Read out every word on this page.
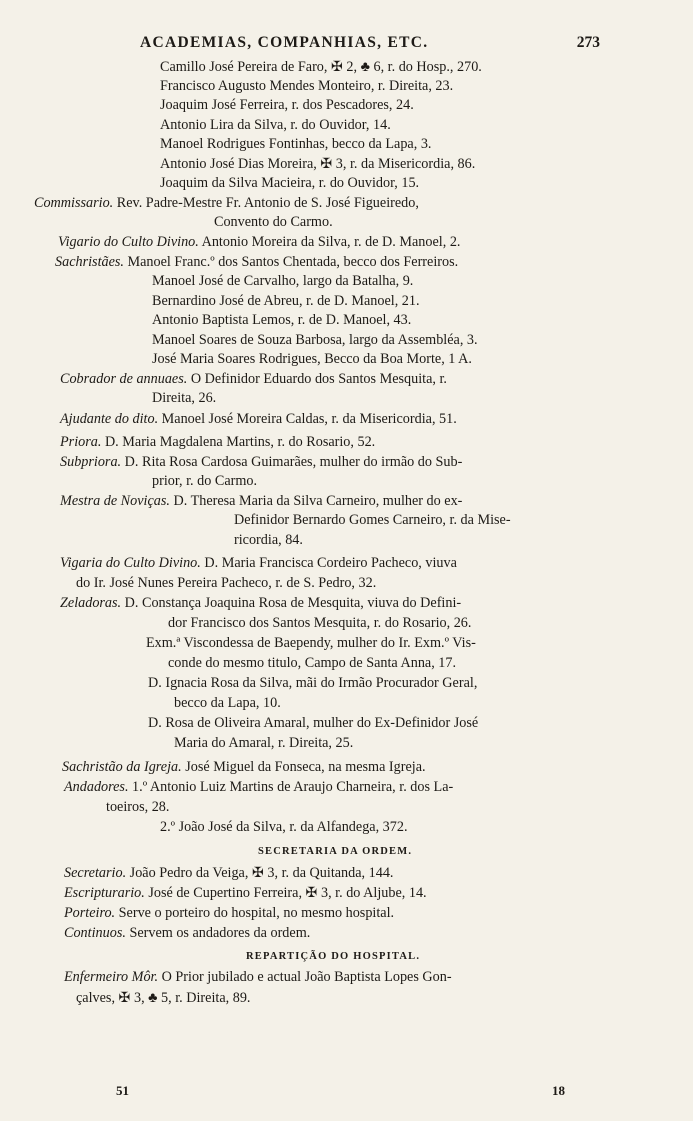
ACADEMIAS, COMPANHIAS, ETC.	273
Camillo José Pereira de Faro, ✠ 2, ♣ 6, r. do Hosp., 270.
Francisco Augusto Mendes Monteiro, r. Direita, 23.
Joaquim José Ferreira, r. dos Pescadores, 24.
Antonio Lira da Silva, r. do Ouvidor, 14.
Manoel Rodrigues Fontinhas, becco da Lapa, 3.
Antonio José Dias Moreira, ✠ 3, r. da Misericordia, 86.
Joaquim da Silva Macieira, r. do Ouvidor, 15.
Commissario. Rev. Padre-Mestre Fr. Antonio de S. José Figueiredo,
Convento do Carmo.
Vigario do Culto Divino. Antonio Moreira da Silva, r. de D. Manoel, 2.
Sachristães. Manoel Franc.º dos Santos Chentada, becco dos Ferreiros.
Manoel José de Carvalho, largo da Batalha, 9.
Bernardino José de Abreu, r. de D. Manoel, 21.
Antonio Baptista Lemos, r. de D. Manoel, 43.
Manoel Soares de Souza Barbosa, largo da Assembléa, 3.
José Maria Soares Rodrigues, Becco da Boa Morte, 1 A.
Cobrador de annuaes. O Definidor Eduardo dos Santos Mesquita, r.
Direita, 26.
Ajudante do dito. Manoel José Moreira Caldas, r. da Misericordia, 51.
Priora. D. Maria Magdalena Martins, r. do Rosario, 52.
Subpriora. D. Rita Rosa Cardosa Guimarães, mulher do irmão do Sub-
prior, r. do Carmo.
Mestra de Noviças. D. Theresa Maria da Silva Carneiro, mulher do ex-
Definidor Bernardo Gomes Carneiro, r. da Mise-
ricordia, 84.
Vigaria do Culto Divino. D. Maria Francisca Cordeiro Pacheco, viuva
do Ir. José Nunes Pereira Pacheco, r. de S. Pedro, 32.
Zeladoras. D. Constança Joaquina Rosa de Mesquita, viuva do Defini-
dor Francisco dos Santos Mesquita, r. do Rosario, 26.
Exm.ª Viscondessa de Baependy, mulher do Ir. Exm.º Vis-
conde do mesmo titulo, Campo de Santa Anna, 17.
D. Ignacia Rosa da Silva, mãi do Irmão Procurador Geral,
becco da Lapa, 10.
D. Rosa de Oliveira Amaral, mulher do Ex-Definidor José
Maria do Amaral, r. Direita, 25.
Sachristão da Igreja. José Miguel da Fonseca, na mesma Igreja.
Andadores. 1.º Antonio Luiz Martins de Araujo Charneira, r. dos La-
toeiros, 28.
2.º João José da Silva, r. da Alfandega, 372.
SECRETARIA DA ORDEM.
Secretario. João Pedro da Veiga, ✠ 3, r. da Quitanda, 144.
Escripturario. José de Cupertino Ferreira, ✠ 3, r. do Aljube, 14.
Porteiro. Serve o porteiro do hospital, no mesmo hospital.
Continuos. Servem os andadores da ordem.
REPARTIÇÃO DO HOSPITAL.
Enfermeiro Môr. O Prior jubilado e actual João Baptista Lopes Gon-
çalves, ✠ 3, ♣ 5, r. Direita, 89.
51	18
